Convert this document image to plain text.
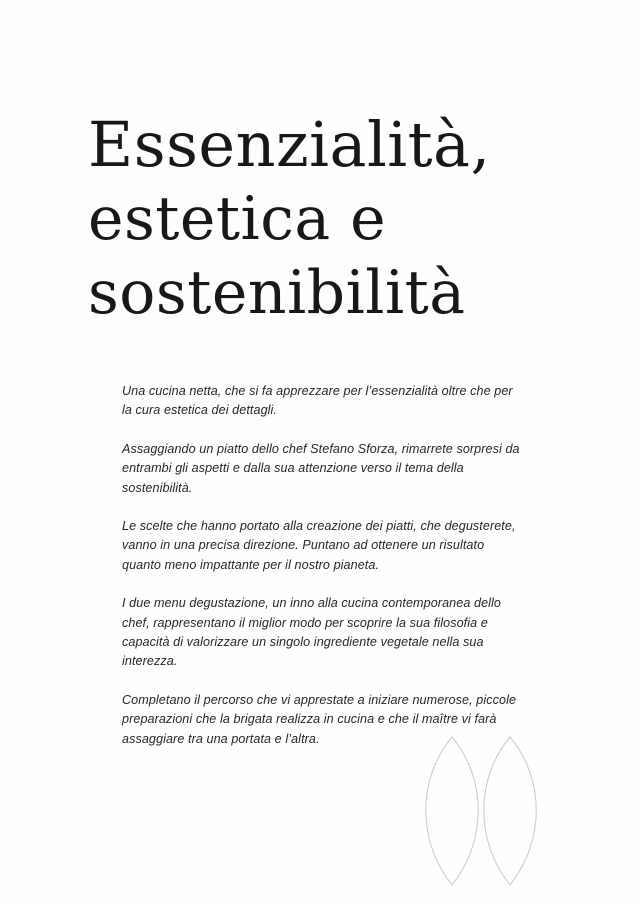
Essenzialità,
estetica e
sostenibilità

Una cucina netta, che si fa apprezzare per l’essenzialità oltre che per la cura estetica dei dettagli.

Assaggiando un piatto dello chef Stefano Sforza, rimarrete sorpresi da entrambi gli aspetti e dalla sua attenzione verso il tema della sostenibilità.

Le scelte che hanno portato alla creazione dei piatti, che degusterete, vanno in una precisa direzione. Puntano ad ottenere un risultato quanto meno impattante per il nostro pianeta.

I due menu degustazione, un inno alla cucina contemporanea dello chef, rappresentano il miglior modo per scoprire la sua filosofia e capacità di valorizzare un singolo ingrediente vegetale nella sua interezza.

Completano il percorso che vi apprestate a iniziare numerose, piccole preparazioni che la brigata realizza in cucina e che il maître vi farà assaggiare tra una portata e l’altra.
